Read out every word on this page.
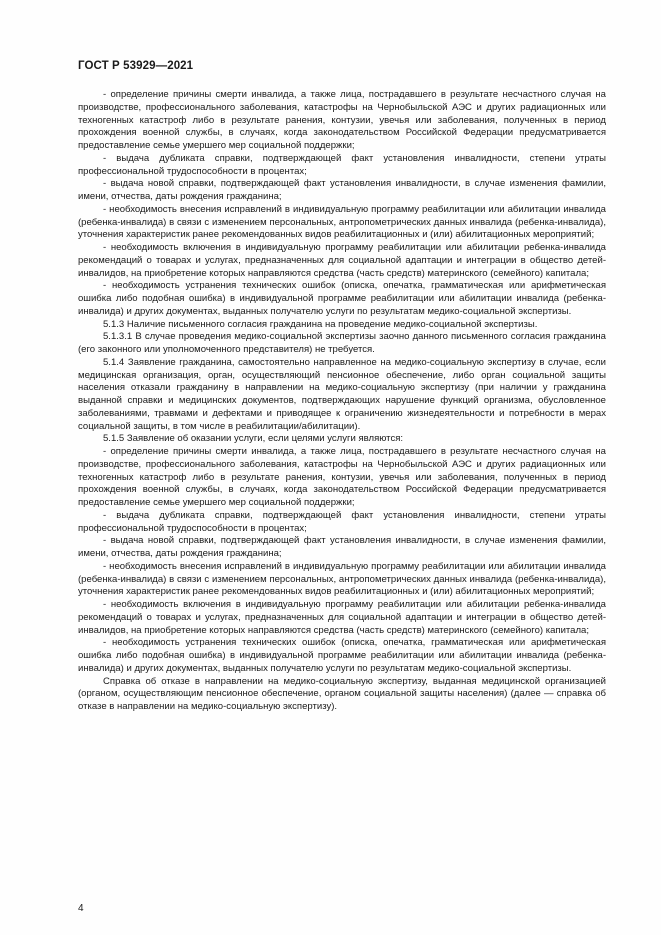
ГОСТ Р 53929—2021

- определение причины смерти инвалида, а также лица, пострадавшего в результате несчастного случая на производстве, профессионального заболевания, катастрофы на Чернобыльской АЭС и других радиационных или техногенных катастроф либо в результате ранения, контузии, увечья или заболевания, полученных в период прохождения военной службы, в случаях, когда законодательством Российской Федерации предусматривается предоставление семье умершего мер социальной поддержки;

- выдача дубликата справки, подтверждающей факт установления инвалидности, степени утраты профессиональной трудоспособности в процентах;

- выдача новой справки, подтверждающей факт установления инвалидности, в случае изменения фамилии, имени, отчества, даты рождения гражданина;

- необходимость внесения исправлений в индивидуальную программу реабилитации или абилитации инвалида (ребенка-инвалида) в связи с изменением персональных, антропометрических данных инвалида (ребенка-инвалида), уточнения характеристик ранее рекомендованных видов реабилитационных и (или) абилитационных мероприятий;

- необходимость включения в индивидуальную программу реабилитации или абилитации ребенка-инвалида рекомендаций о товарах и услугах, предназначенных для социальной адаптации и интеграции в общество детей-инвалидов, на приобретение которых направляются средства (часть средств) материнского (семейного) капитала;

- необходимость устранения технических ошибок (описка, опечатка, грамматическая или арифметическая ошибка либо подобная ошибка) в индивидуальной программе реабилитации или абилитации инвалида (ребенка- инвалида) и других документах, выданных получателю услуги по результатам медико-социальной экспертизы.

5.1.3 Наличие письменного согласия гражданина на проведение медико-социальной экспертизы.

5.1.3.1 В случае проведения медико-социальной экспертизы заочно данного письменного согласия гражданина (его законного или уполномоченного представителя) не требуется.

5.1.4 Заявление гражданина, самостоятельно направленное на медико-социальную экспертизу в случае, если медицинская организация, орган, осуществляющий пенсионное обеспечение, либо орган социальной защиты населения отказали гражданину в направлении на медико-социальную экспертизу (при наличии у гражданина выданной справки и медицинских документов, подтверждающих нарушение функций организма, обусловленное заболеваниями, травмами и дефектами и приводящее к ограничению жизнедеятельности и потребности в мерах социальной защиты, в том числе в реабилитации/абилитации).

5.1.5 Заявление об оказании услуги, если целями услуги являются:

- определение причины смерти инвалида, а также лица, пострадавшего в результате несчастного случая на производстве, профессионального заболевания, катастрофы на Чернобыльской АЭС и других радиационных или техногенных катастроф либо в результате ранения, контузии, увечья или заболевания, полученных в период прохождения военной службы, в случаях, когда законодательством Российской Федерации предусматривается предоставление семье умершего мер социальной поддержки;

- выдача дубликата справки, подтверждающей факт установления инвалидности, степени утраты профессиональной трудоспособности в процентах;

- выдача новой справки, подтверждающей факт установления инвалидности, в случае изменения фамилии, имени, отчества, даты рождения гражданина;

- необходимость внесения исправлений в индивидуальную программу реабилитации или абилитации инвалида (ребенка-инвалида) в связи с изменением персональных, антропометрических данных инвалида (ребенка-инвалида), уточнения характеристик ранее рекомендованных видов реабилитационных и (или) абилитационных мероприятий;

- необходимость включения в индивидуальную программу реабилитации или абилитации ребенка-инвалида рекомендаций о товарах и услугах, предназначенных для социальной адаптации и интеграции в общество детей-инвалидов, на приобретение которых направляются средства (часть средств) материнского (семейного) капитала;

- необходимость устранения технических ошибок (описка, опечатка, грамматическая или арифметическая ошибка либо подобная ошибка) в индивидуальной программе реабилитации или абилитации инвалида (ребенка-инвалида) и других документах, выданных получателю услуги по результатам медико-социальной экспертизы.

Справка об отказе в направлении на медико-социальную экспертизу, выданная медицинской организацией (органом, осуществляющим пенсионное обеспечение, органом социальной защиты населения) (далее — справка об отказе в направлении на медико-социальную экспертизу).

4
